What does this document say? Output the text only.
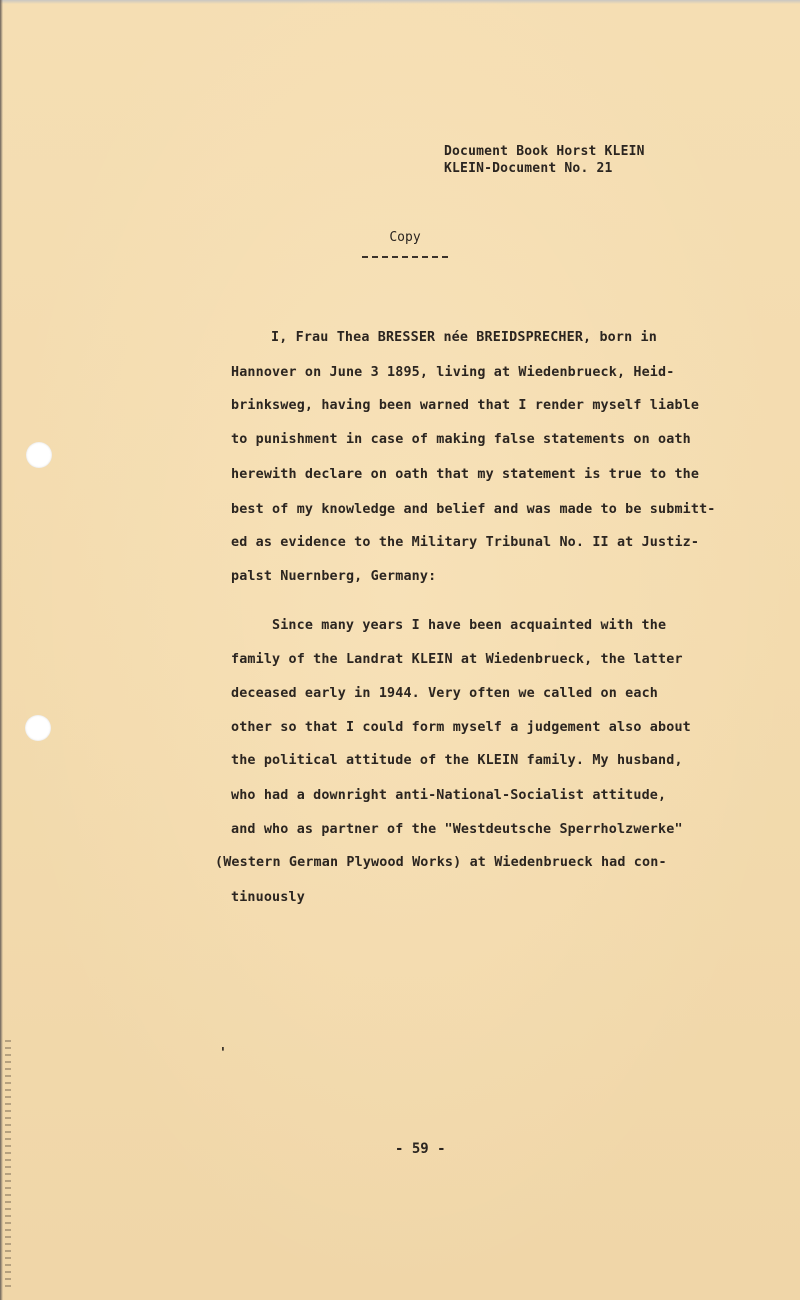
Document Book Horst KLEIN
KLEIN-Document No. 21
Copy
I, Frau Thea BRESSER née BREIDSPRECHER, born in
Hannover on June 3 1895, living at Wiedenbrueck, Heid-
brinksweg, having been warned that I render myself liable
to punishment in case of making false statements on oath
herewith declare on oath that my statement is true to the
best of my knowledge and belief and was made to be submitt-
ed as evidence to the Military Tribunal No. II at Justiz-
palst Nuernberg, Germany:
Since many years I have been acquainted with the
family of the Landrat KLEIN at Wiedenbrueck, the latter
deceased early in 1944. Very often we called on each
other so that I could form myself a judgement also about
the political attitude of the KLEIN family. My husband,
who had a downright anti-National-Socialist attitude,
and who as partner of the "Westdeutsche Sperrholzwerke"
(Western German Plywood Works) at Wiedenbrueck had con-
tinuously
'
- 59 -
